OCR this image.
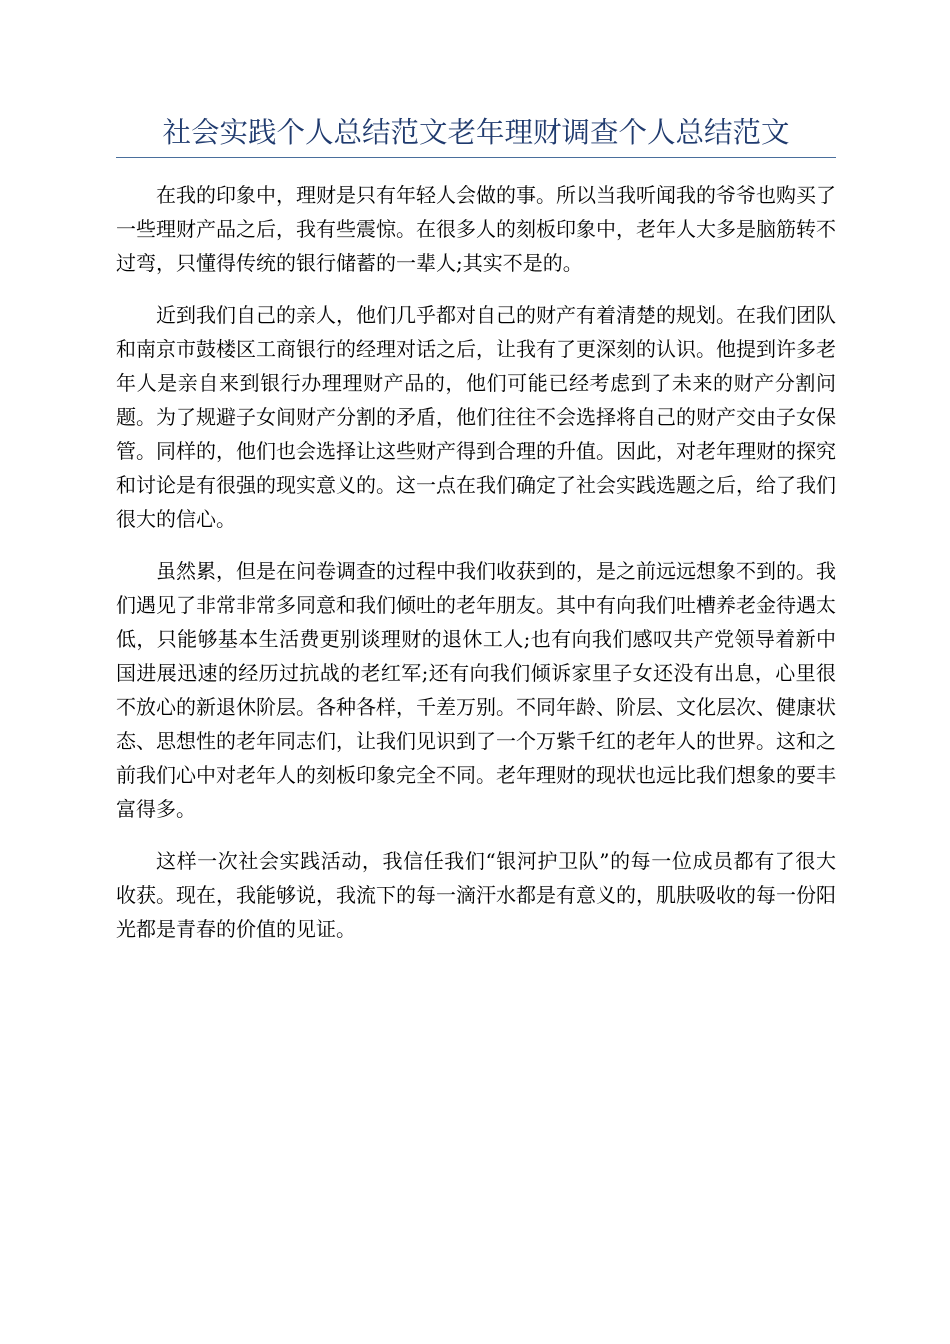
社会实践个人总结范文老年理财调查个人总结范文

在我的印象中，理财是只有年轻人会做的事。所以当我听闻我的爷爷也购买了一些理财产品之后，我有些震惊。在很多人的刻板印象中，老年人大多是脑筋转不过弯，只懂得传统的银行储蓄的一辈人;其实不是的。

近到我们自己的亲人，他们几乎都对自己的财产有着清楚的规划。在我们团队和南京市鼓楼区工商银行的经理对话之后，让我有了更深刻的认识。他提到许多老年人是亲自来到银行办理理财产品的，他们可能已经考虑到了未来的财产分割问题。为了规避子女间财产分割的矛盾，他们往往不会选择将自己的财产交由子女保管。同样的，他们也会选择让这些财产得到合理的升值。因此，对老年理财的探究和讨论是有很强的现实意义的。这一点在我们确定了社会实践选题之后，给了我们很大的信心。

虽然累，但是在问卷调查的过程中我们收获到的，是之前远远想象不到的。我们遇见了非常非常多同意和我们倾吐的老年朋友。其中有向我们吐槽养老金待遇太低，只能够基本生活费更别谈理财的退休工人;也有向我们感叹共产党领导着新中国进展迅速的经历过抗战的老红军;还有向我们倾诉家里子女还没有出息，心里很不放心的新退休阶层。各种各样，千差万别。不同年龄、阶层、文化层次、健康状态、思想性的老年同志们，让我们见识到了一个万紫千红的老年人的世界。这和之前我们心中对老年人的刻板印象完全不同。老年理财的现状也远比我们想象的要丰富得多。

这样一次社会实践活动，我信任我们“银河护卫队”的每一位成员都有了很大收获。现在，我能够说，我流下的每一滴汗水都是有意义的，肌肤吸收的每一份阳光都是青春的价值的见证。
